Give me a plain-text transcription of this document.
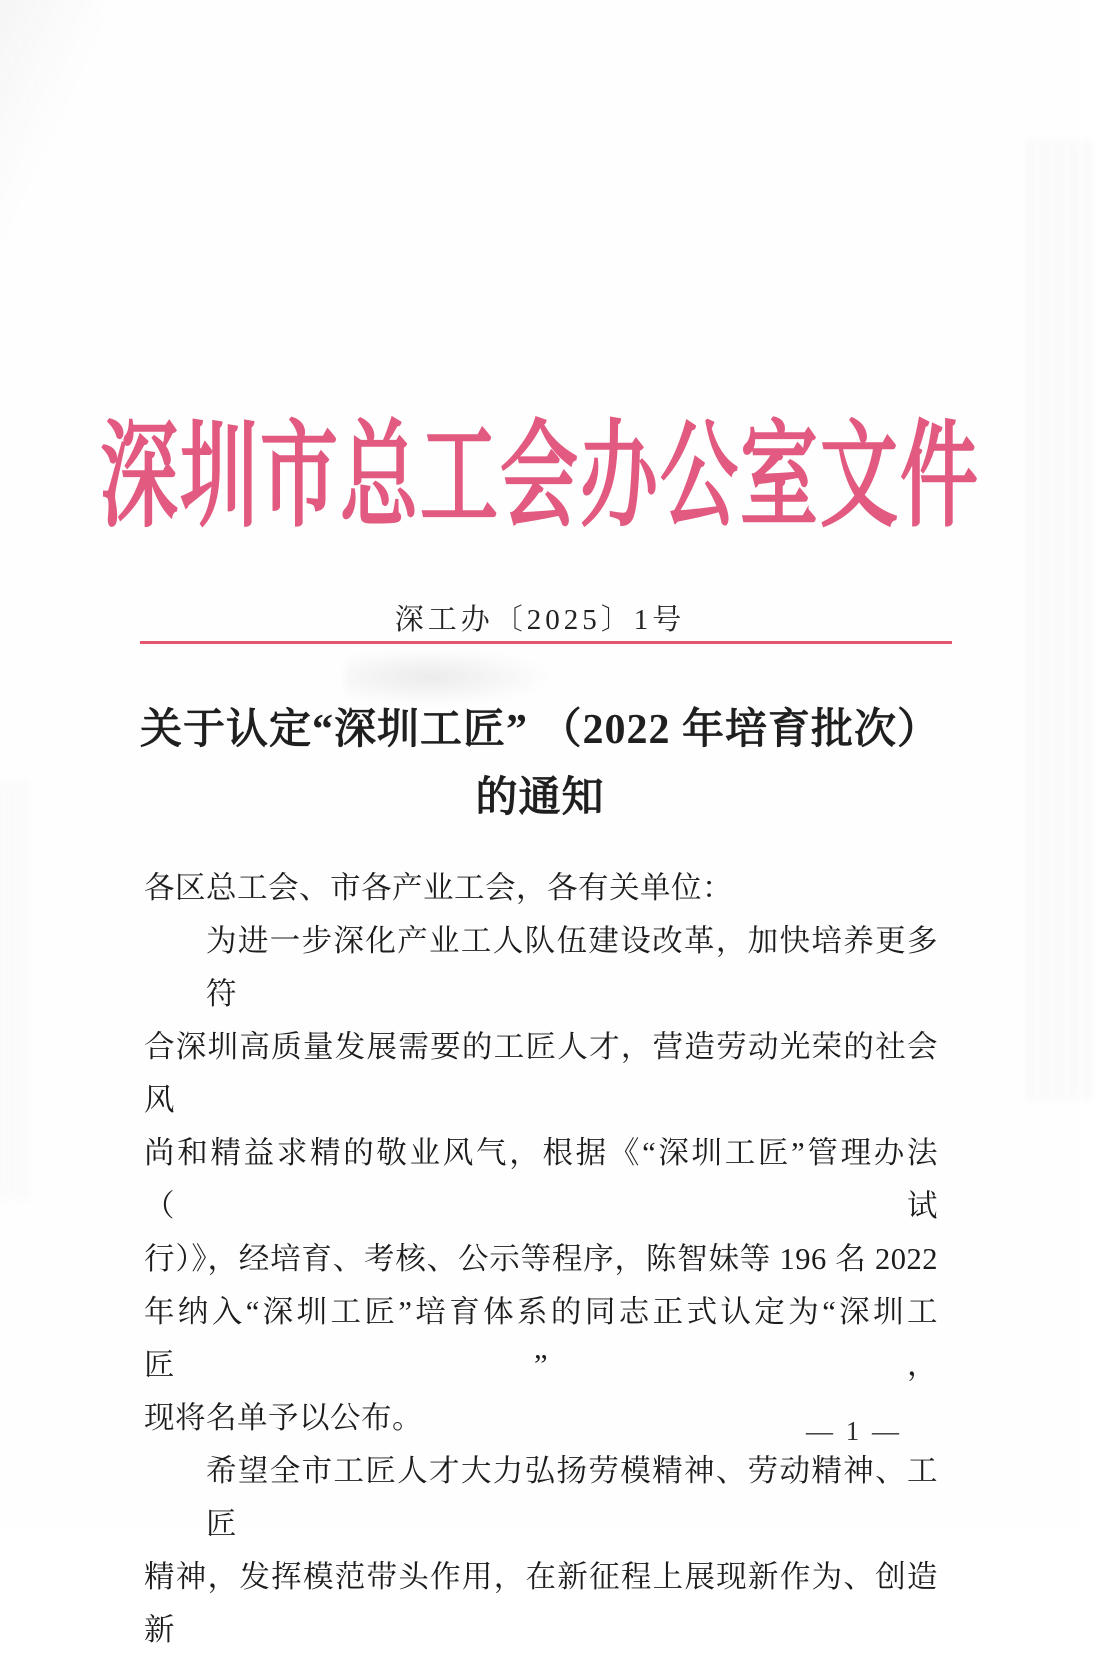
深圳市总工会办公室文件
深工办〔2025〕1号
关于认定“深圳工匠” （2022 年培育批次）
的通知
各区总工会、市各产业工会，各有关单位：
为进一步深化产业工人队伍建设改革，加快培养更多符
合深圳高质量发展需要的工匠人才，营造劳动光荣的社会风
尚和精益求精的敬业风气，根据《“深圳工匠”管理办法（试
行）》，经培育、考核、公示等程序，陈智妹等 196 名 2022
年纳入“深圳工匠”培育体系的同志正式认定为“深圳工匠”，
现将名单予以公布。
希望全市工匠人才大力弘扬劳模精神、劳动精神、工匠
精神，发挥模范带头作用，在新征程上展现新作为、创造新
— 1 —
